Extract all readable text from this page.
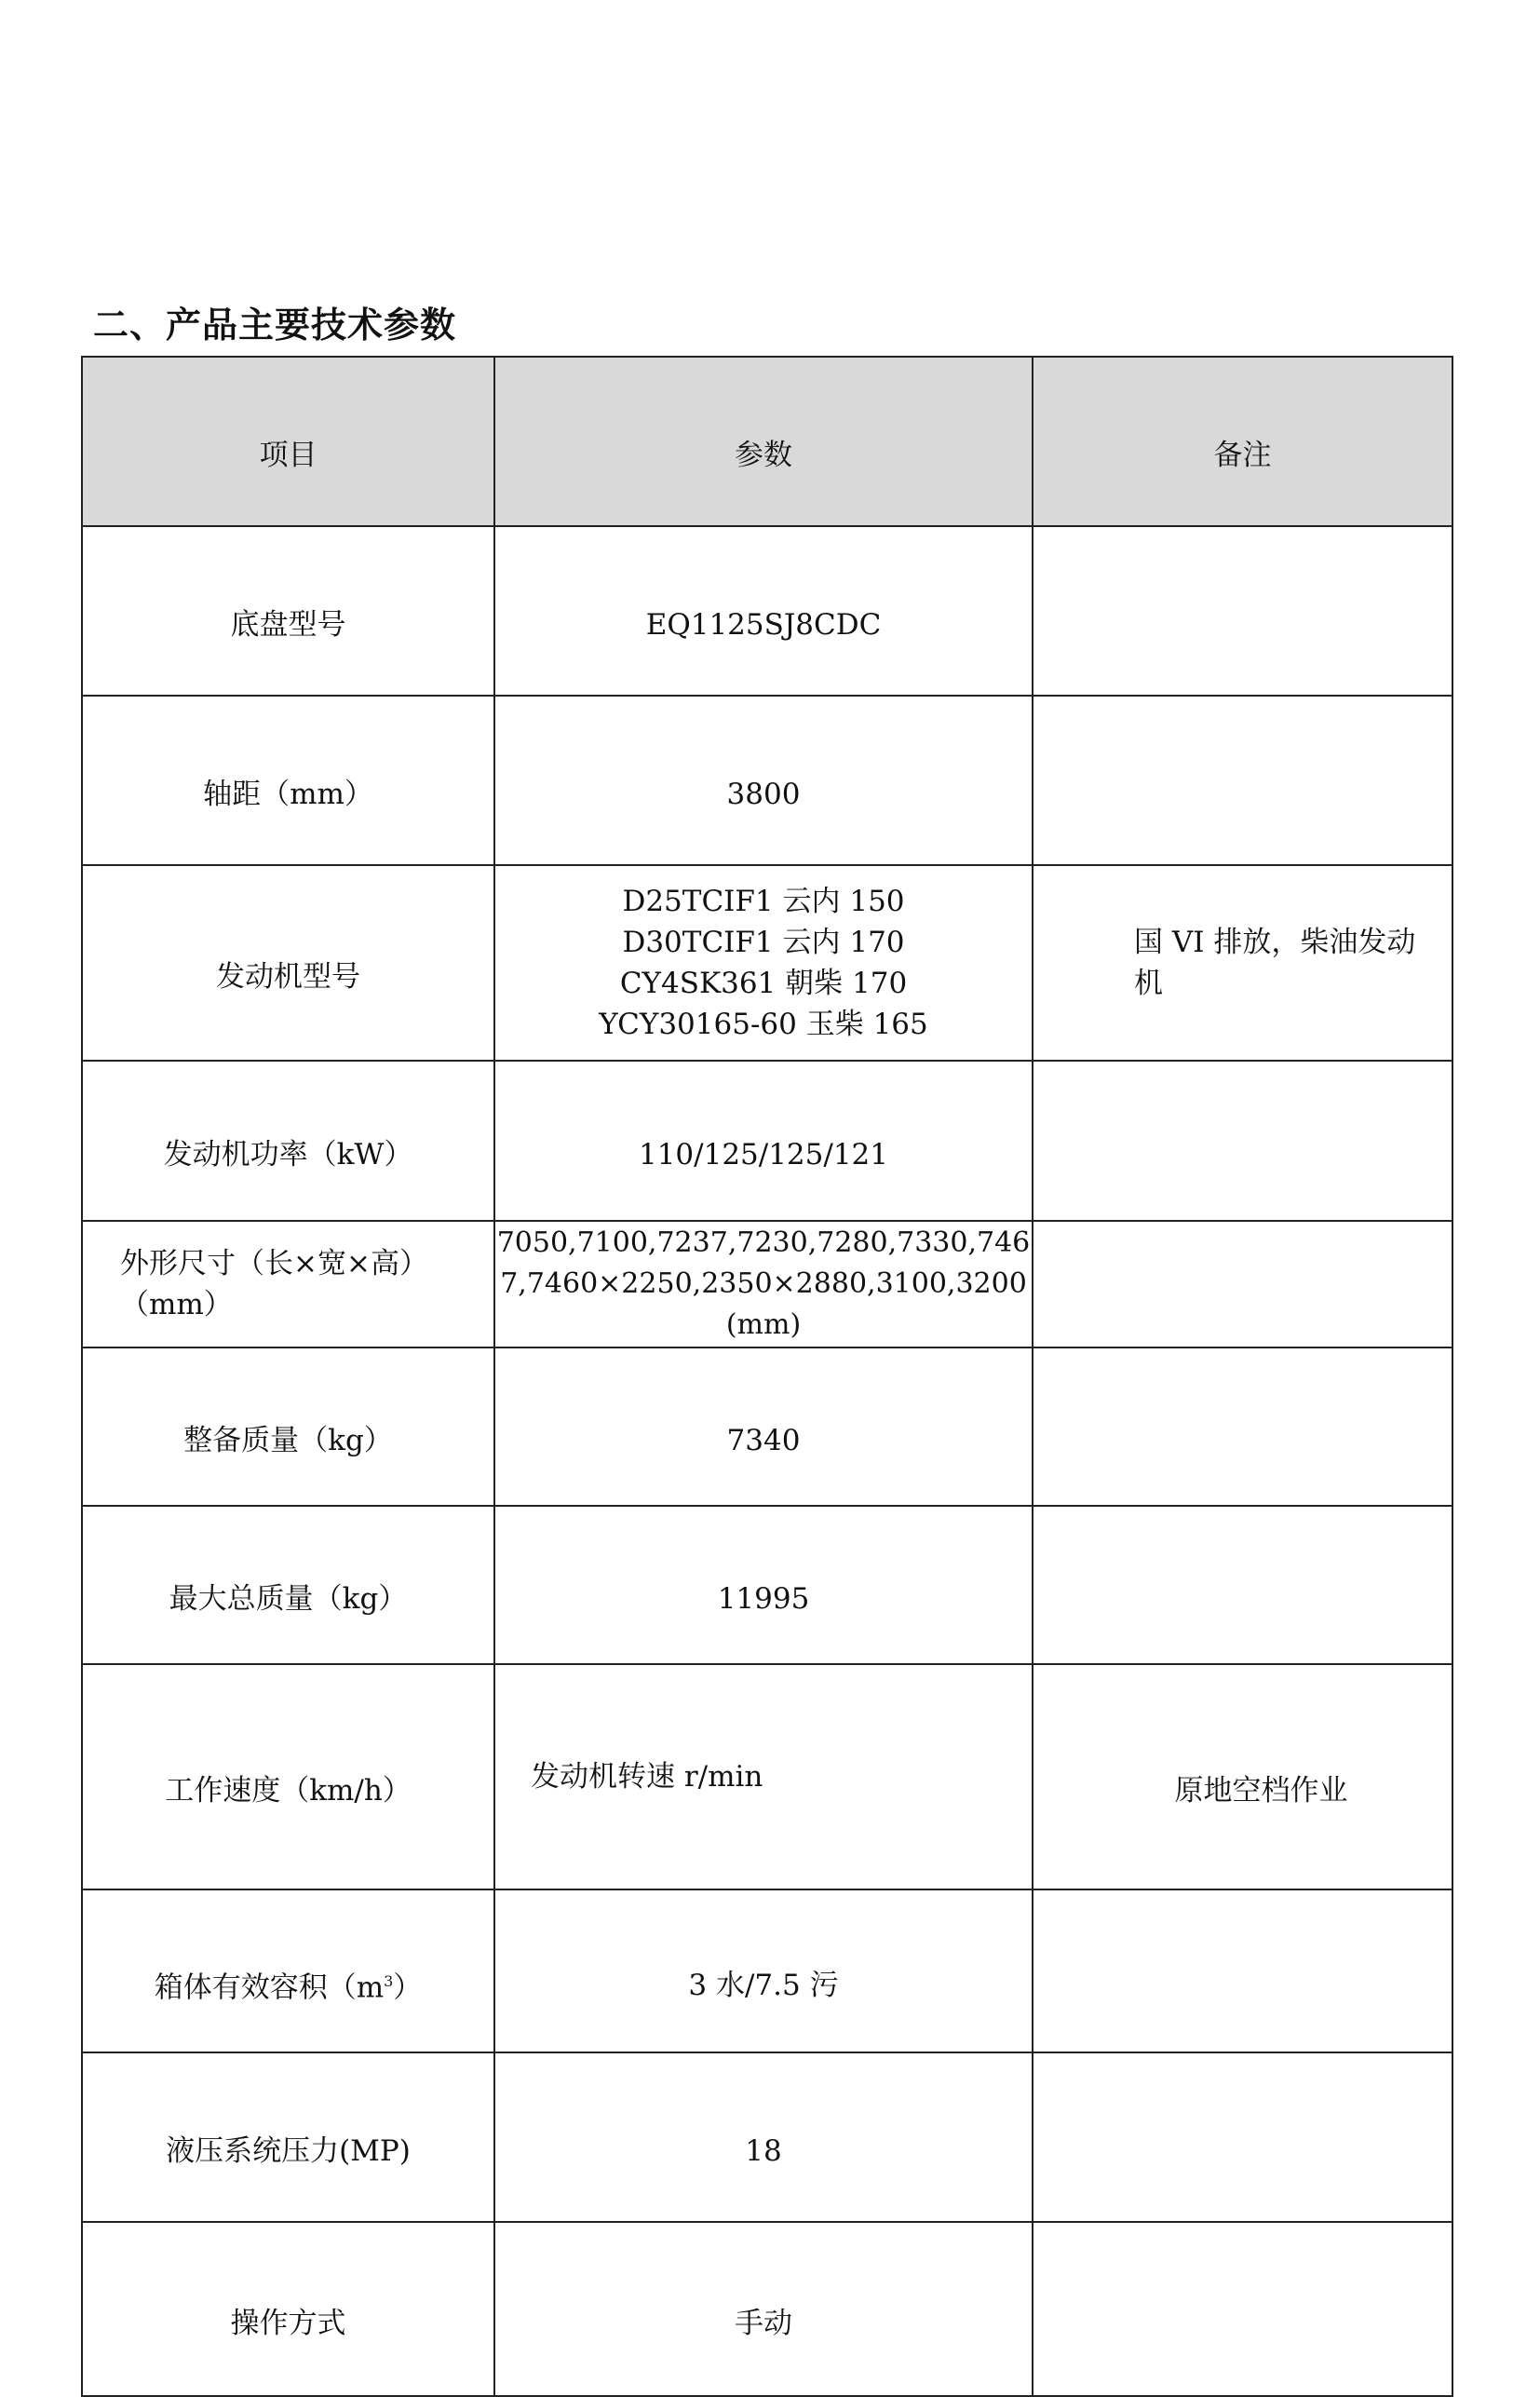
二、产品主要技术参数
项目	参数	备注
底盘型号	EQ1125SJ8CDC	
轴距（mm）	3800	
发动机型号	D25TCIF1 云内 150
D30TCIF1 云内 170
CY4SK361 朝柴 170
YCY30165-60 玉柴 165	国 VI 排放，柴油发动机
发动机功率（kW）	110/125/125/121	

外形尺寸（长×宽×高）
（mm）	7050,7100,7237,7230,7280,7330,7467,7460×2250,2350×2880,3100,3200(mm)	
整备质量（kg）	7340	
最大总质量（kg）	11995	
工作速度（km/h）	发动机转速 r/min	原地空档作业
箱体有效容积$(m^3)$	3 水/7.5 污	
液压系统压力(MP)	18	
操作方式	手动	
